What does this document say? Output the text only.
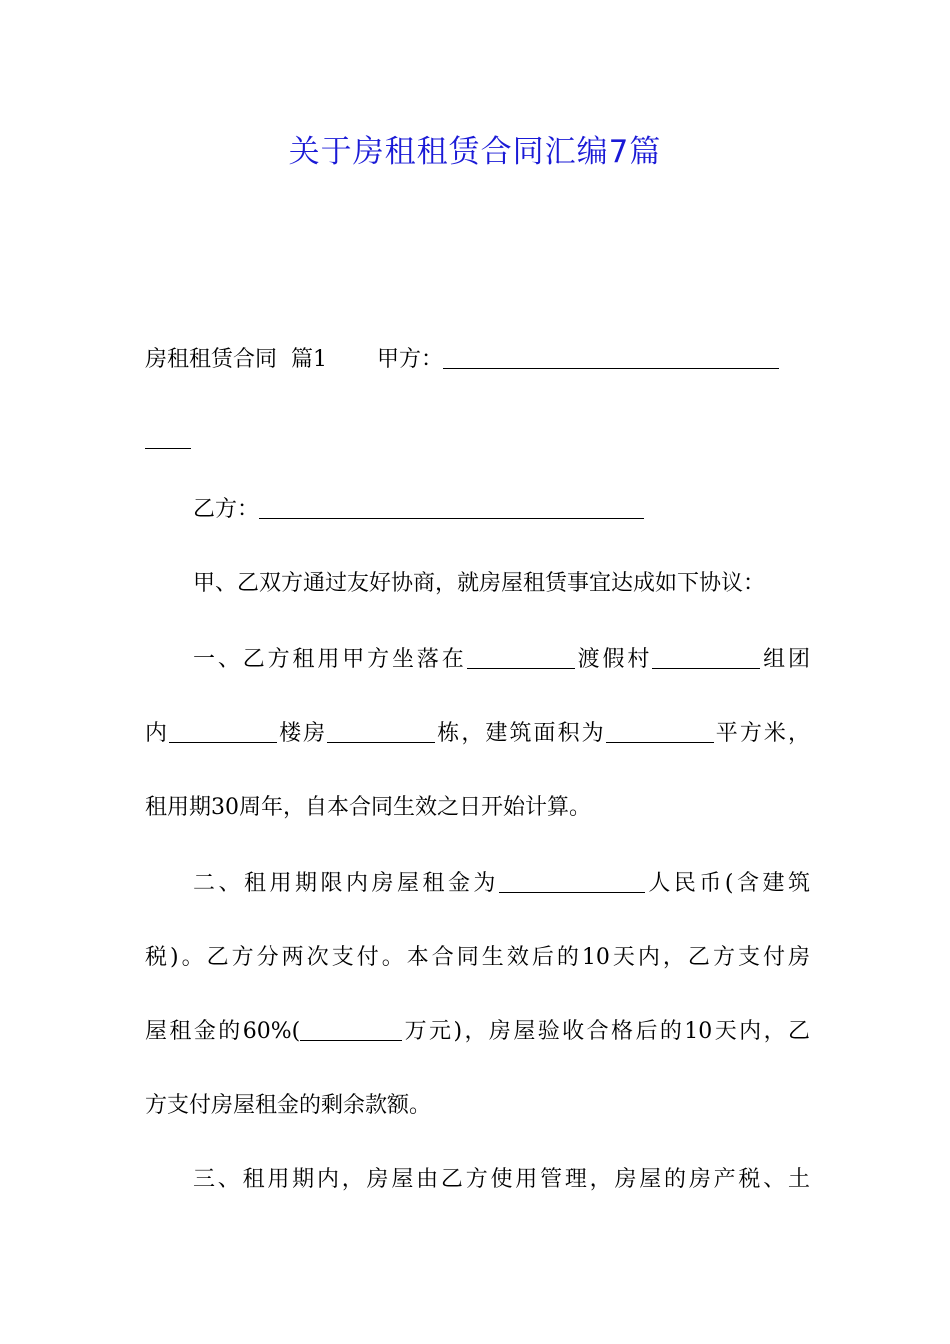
关于房租租赁合同汇编7篇
房租租赁合同 篇1 甲方：
乙方：
甲、乙双方通过友好协商，就房屋租赁事宜达成如下协议：
一、乙方租用甲方坐落在	渡假村	组团
内	楼房	栋，建筑面积为	平方米，
租用期30周年，自本合同生效之日开始计算。
二、租用期限内房屋租金为	人民币(含建筑
税)。乙方分两次支付。本合同生效后的10天内，乙方支付房
屋租金的60%(	万元)，房屋验收合格后的10天内，乙
方支付房屋租金的剩余款额。
三、租用期内，房屋由乙方使用管理，房屋的房产税、土
